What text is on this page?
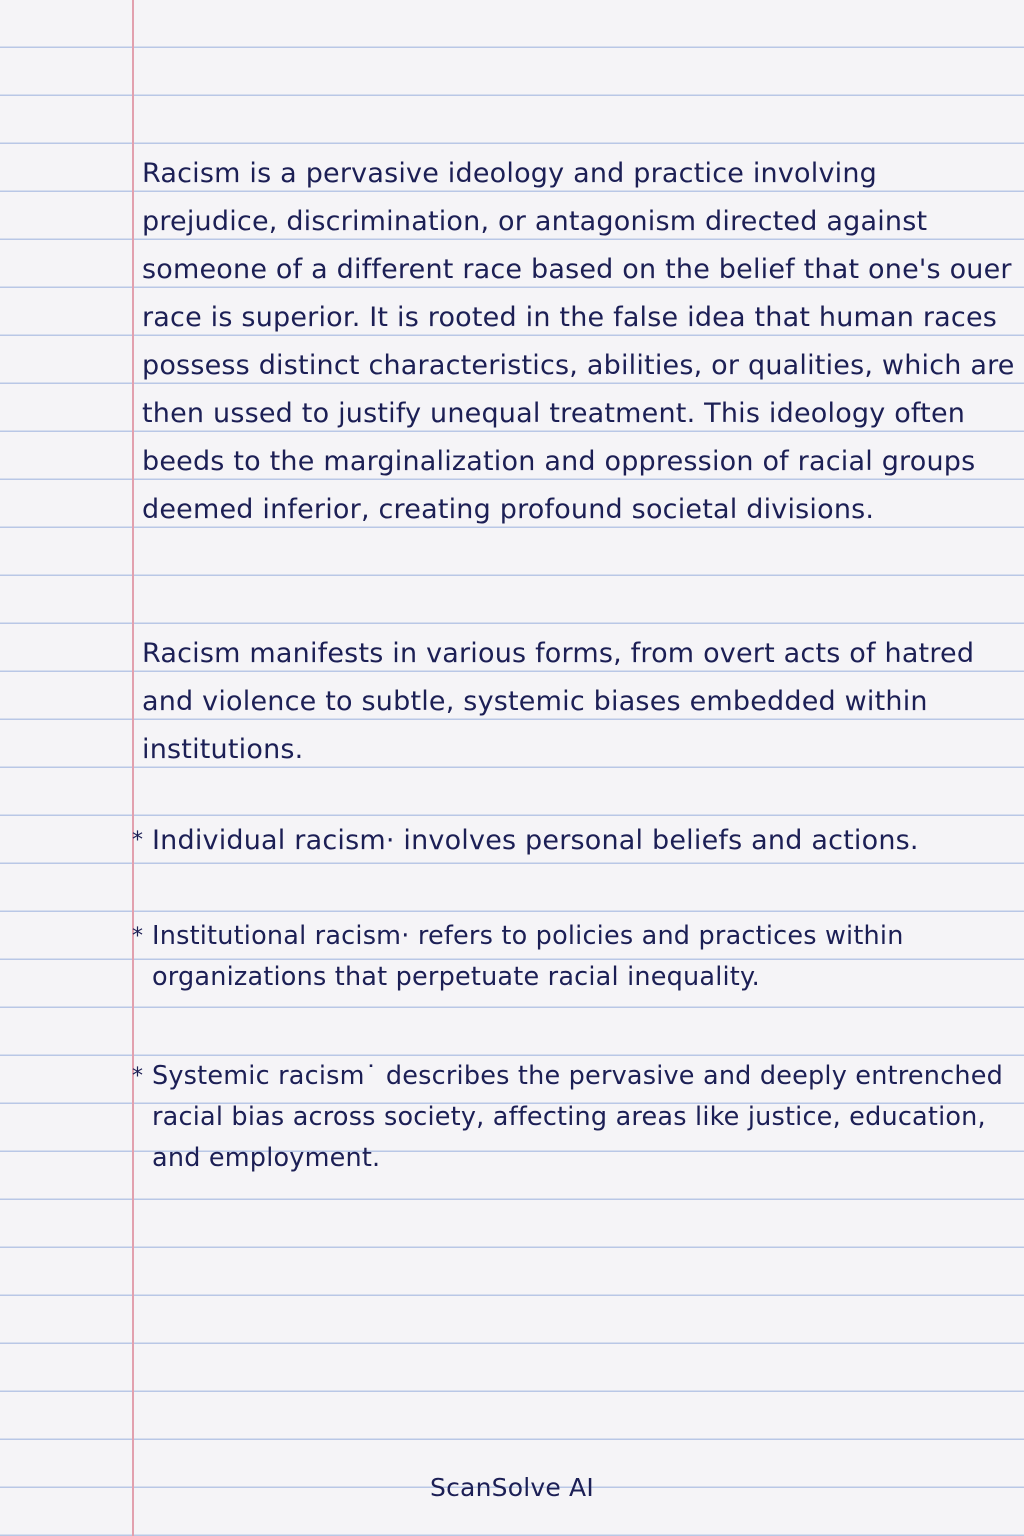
Racism is a pervasive ideology and practice involving prejudice, discrimination, or antagonism directed against someone of a different race based on the belief that one's ouer race is superior. It is rooted in the false idea that human races possess distinct characteristics, abilities, or qualities, which are then ussed to justify unequal treatment. This ideology often beeds to the marginalization and oppression of racial groups deemed inferior, creating profound societal divisions.

Racism manifests in various forms, from overt acts of hatred and violence to subtle, systemic biases embedded within institutions.

* Individual racism· involves personal beliefs and actions.
* Institutional racism· refers to policies and practices within organizations that perpetuate racial inequality.
* Systemic racism˙ describes the pervasive and deeply entrenched racial bias across society, affecting areas like justice, education, and employment.

ScanSolve AI
